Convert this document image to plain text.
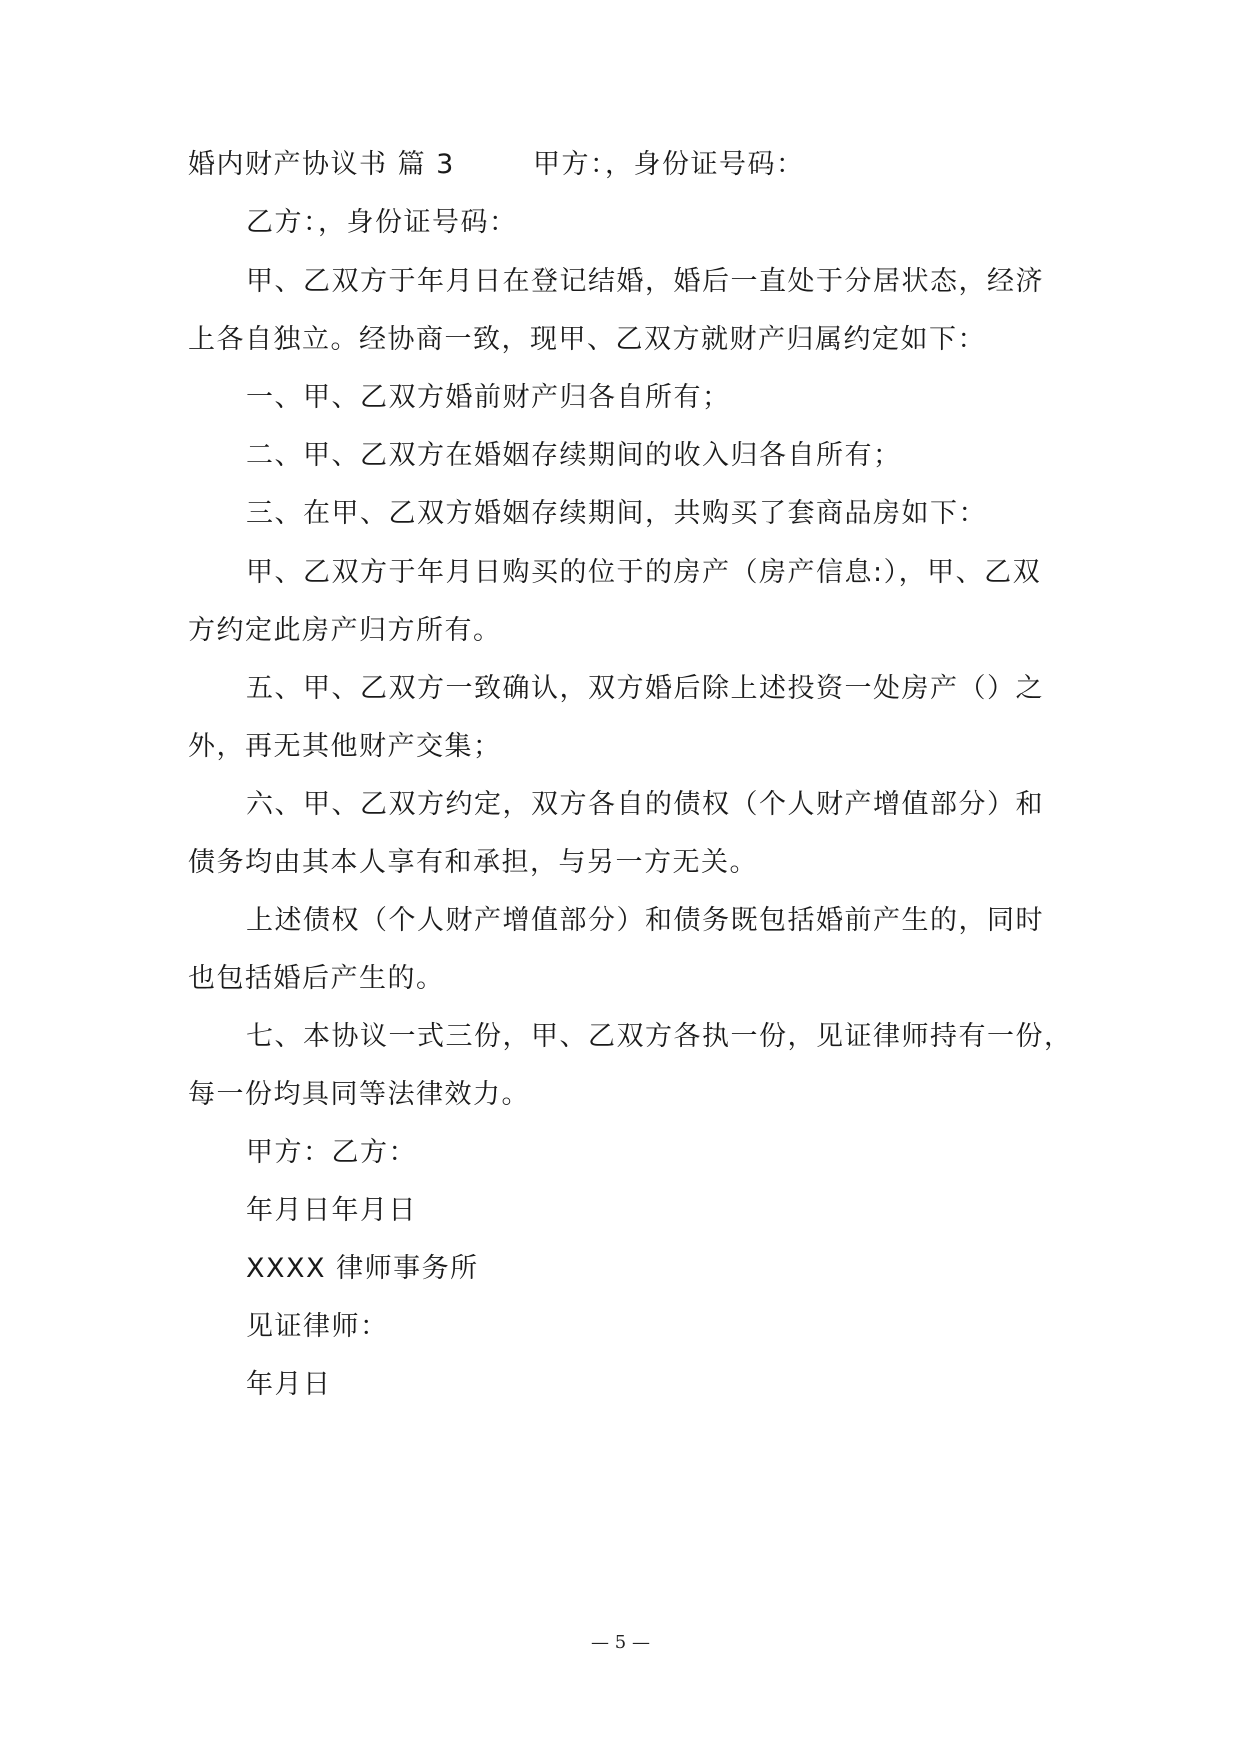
婚内财产协议书 篇 3	甲方：，身份证号码：
乙方：，身份证号码：
甲、乙双方于年月日在登记结婚，婚后一直处于分居状态，经济
上各自独立。经协商一致，现甲、乙双方就财产归属约定如下：
一、甲、乙双方婚前财产归各自所有；
二、甲、乙双方在婚姻存续期间的收入归各自所有；
三、在甲、乙双方婚姻存续期间，共购买了套商品房如下：
甲、乙双方于年月日购买的位于的房产（房产信息:），甲、乙双
方约定此房产归方所有。
五、甲、乙双方一致确认，双方婚后除上述投资一处房产（）之
外，再无其他财产交集；
六、甲、乙双方约定，双方各自的债权（个人财产增值部分）和
债务均由其本人享有和承担，与另一方无关。
上述债权（个人财产增值部分）和债务既包括婚前产生的，同时
也包括婚后产生的。
七、本协议一式三份，甲、乙双方各执一份，见证律师持有一份，
每一份均具同等法律效力。
甲方：乙方：
年月日年月日
XXXX 律师事务所
见证律师：
年月日
— 5 —
